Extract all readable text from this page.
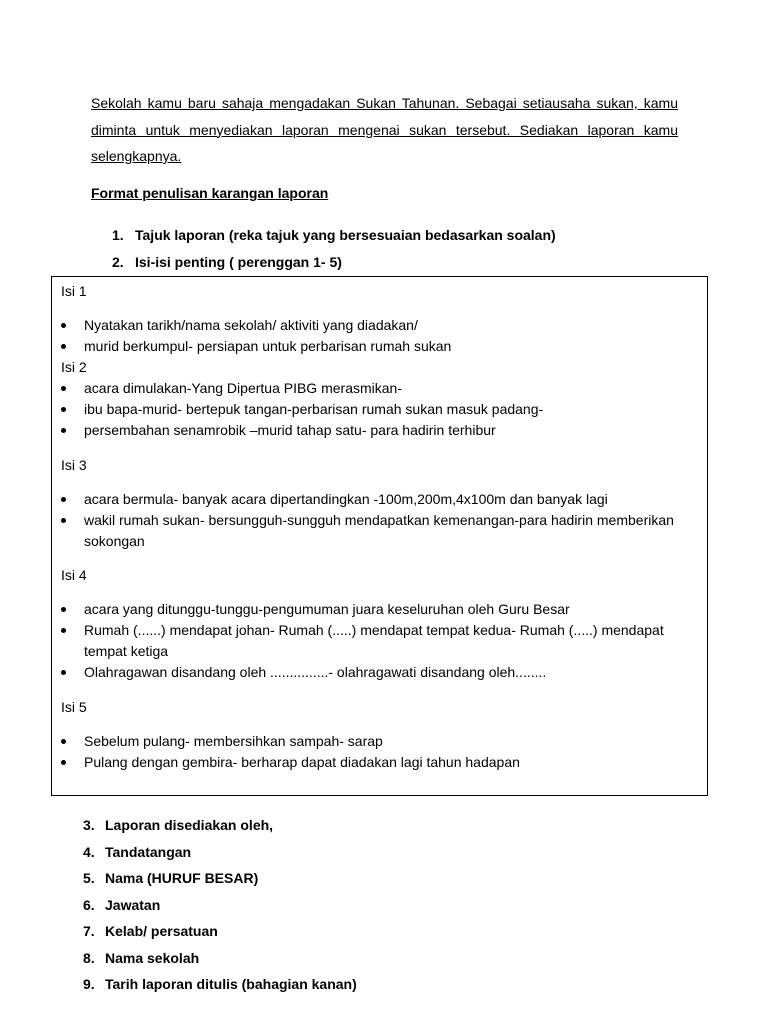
Sekolah kamu baru sahaja mengadakan Sukan Tahunan. Sebagai setiausaha sukan, kamu diminta untuk menyediakan laporan mengenai sukan tersebut. Sediakan laporan kamu selengkapnya.

Format penulisan karangan laporan
1. Tajuk laporan (reka tajuk yang bersesuaian bedasarkan soalan)
2. Isi-isi penting ( perenggan 1- 5)
Isi 1
Nyatakan tarikh/nama sekolah/ aktiviti yang diadakan/
murid berkumpul- persiapan untuk perbarisan rumah sukan
Isi 2
acara dimulakan-Yang Dipertua PIBG merasmikan-
ibu bapa-murid- bertepuk tangan-perbarisan rumah sukan masuk padang-
persembahan senamrobik –murid tahap satu- para hadirin terhibur
Isi 3
acara bermula- banyak acara dipertandingkan -100m,200m,4x100m dan banyak lagi
wakil rumah sukan- bersungguh-sungguh mendapatkan kemenangan-para hadirin memberikan sokongan
Isi 4
acara yang ditunggu-tunggu-pengumuman juara keseluruhan oleh Guru Besar
Rumah (......) mendapat johan- Rumah (.....) mendapat tempat kedua- Rumah (.....) mendapat tempat ketiga
Olahragawan disandang oleh ...............- olahragawati disandang oleh........
Isi 5
Sebelum pulang- membersihkan sampah- sarap
Pulang dengan gembira- berharap dapat diadakan lagi tahun hadapan
3. Laporan disediakan oleh,
4. Tandatangan
5. Nama (HURUF BESAR)
6. Jawatan
7. Kelab/ persatuan
8. Nama sekolah
9. Tarih laporan ditulis (bahagian kanan)
